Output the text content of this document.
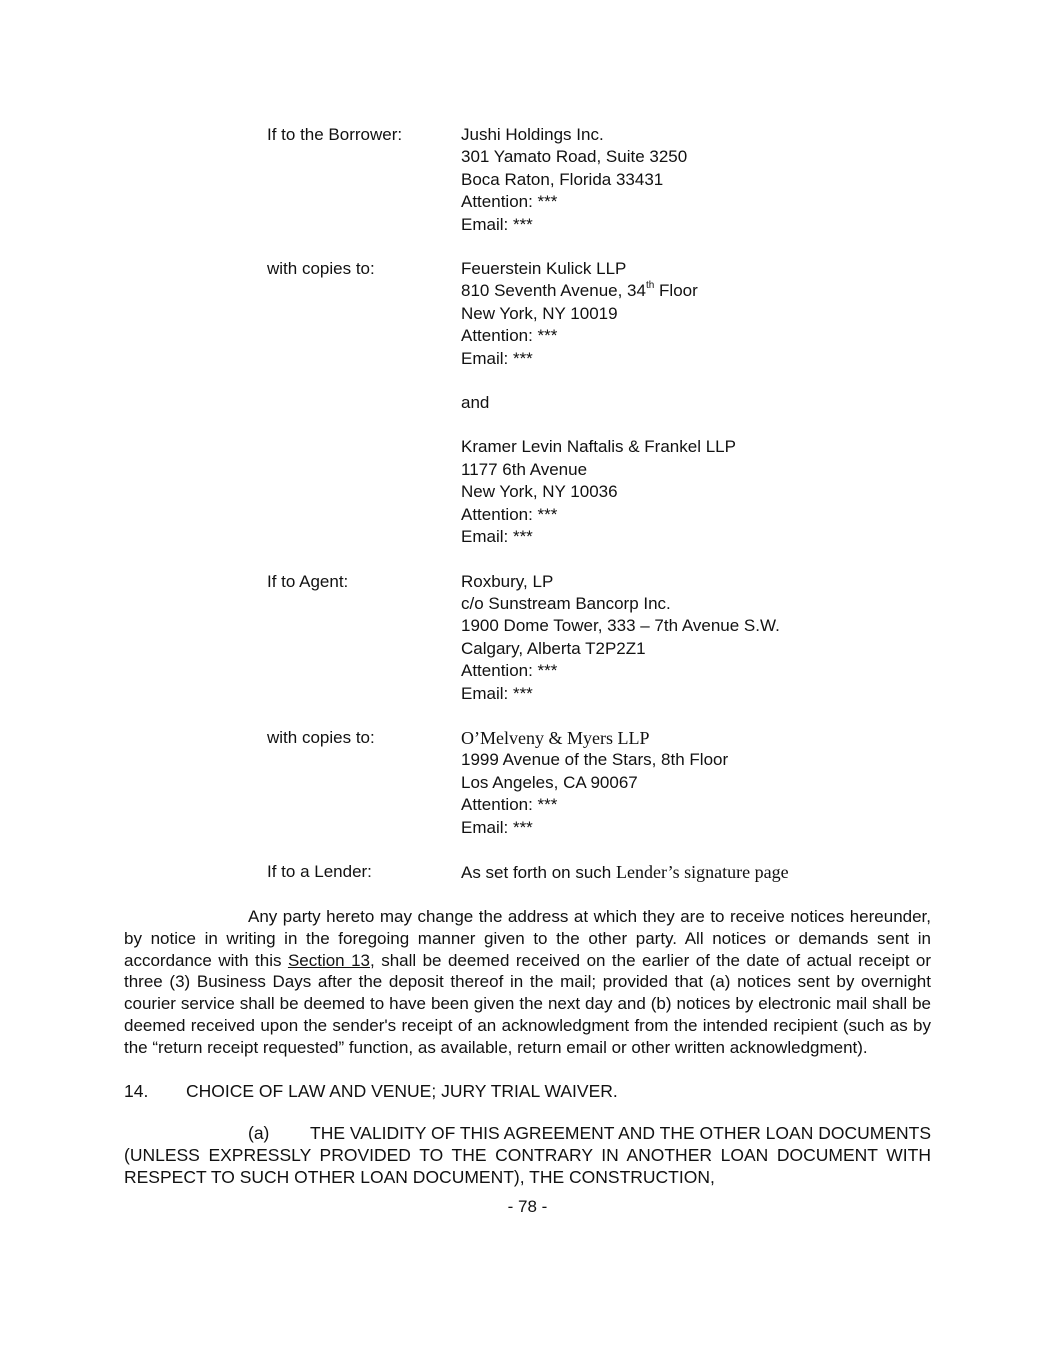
If to the Borrower:	Jushi Holdings Inc.
301 Yamato Road, Suite 3250
Boca Raton, Florida 33431
Attention: ***
Email: ***
with copies to:	Feuerstein Kulick LLP
810 Seventh Avenue, 34th Floor
New York, NY 10019
Attention: ***
Email: ***
and
Kramer Levin Naftalis & Frankel LLP
1177 6th Avenue
New York, NY 10036
Attention: ***
Email: ***
If to Agent:	Roxbury, LP
c/o Sunstream Bancorp Inc.
1900 Dome Tower, 333 – 7th Avenue S.W.
Calgary, Alberta T2P2Z1
Attention: ***
Email: ***
with copies to:	O’Melveny & Myers LLP
1999 Avenue of the Stars, 8th Floor
Los Angeles, CA 90067
Attention: ***
Email: ***
If to a Lender:	As set forth on such Lender’s signature page

Any party hereto may change the address at which they are to receive notices hereunder, by notice in writing in the foregoing manner given to the other party. All notices or demands sent in accordance with this Section 13, shall be deemed received on the earlier of the date of actual receipt or three (3) Business Days after the deposit thereof in the mail; provided that (a) notices sent by overnight courier service shall be deemed to have been given the next day and (b) notices by electronic mail shall be deemed received upon the sender's receipt of an acknowledgment from the intended recipient (such as by the “return receipt requested” function, as available, return email or other written acknowledgment).

14. CHOICE OF LAW AND VENUE; JURY TRIAL WAIVER.

(a) THE VALIDITY OF THIS AGREEMENT AND THE OTHER LOAN DOCUMENTS (UNLESS EXPRESSLY PROVIDED TO THE CONTRARY IN ANOTHER LOAN DOCUMENT WITH RESPECT TO SUCH OTHER LOAN DOCUMENT), THE CONSTRUCTION,

- 78 -
